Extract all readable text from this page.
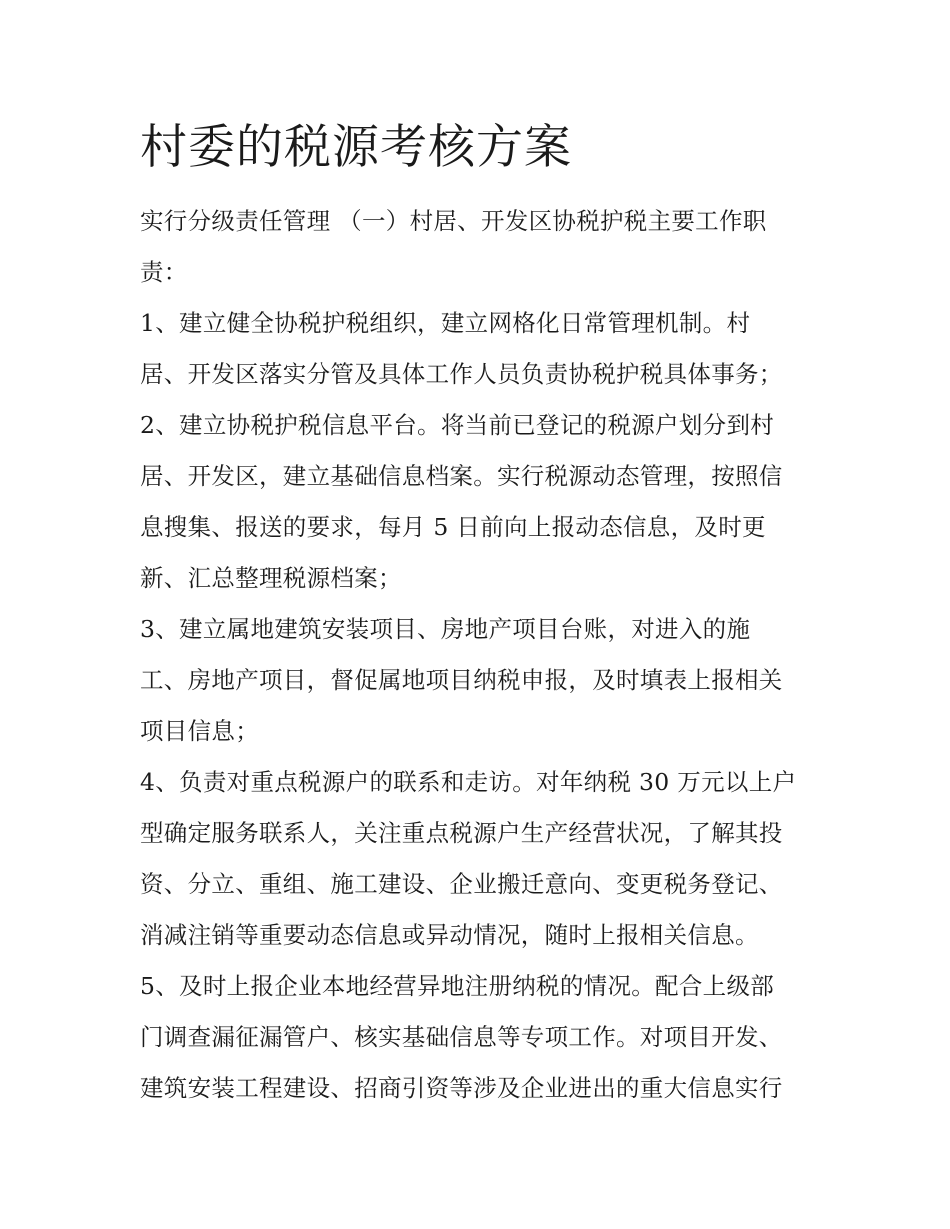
村委的税源考核方案

实行分级责任管理 （一）村居、开发区协税护税主要工作职

责：

1、建立健全协税护税组织，建立网格化日常管理机制。村

居、开发区落实分管及具体工作人员负责协税护税具体事务；

2、建立协税护税信息平台。将当前已登记的税源户划分到村

居、开发区，建立基础信息档案。实行税源动态管理，按照信

息搜集、报送的要求，每月 5 日前向上报动态信息，及时更

新、汇总整理税源档案；

3、建立属地建筑安装项目、房地产项目台账，对进入的施

工、房地产项目，督促属地项目纳税申报，及时填表上报相关

项目信息；

4、负责对重点税源户的联系和走访。对年纳税 30 万元以上户

型确定服务联系人，关注重点税源户生产经营状况，了解其投

资、分立、重组、施工建设、企业搬迁意向、变更税务登记、

消减注销等重要动态信息或异动情况，随时上报相关信息。

5、及时上报企业本地经营异地注册纳税的情况。配合上级部

门调查漏征漏管户、核实基础信息等专项工作。对项目开发、

建筑安装工程建设、招商引资等涉及企业进出的重大信息实行
